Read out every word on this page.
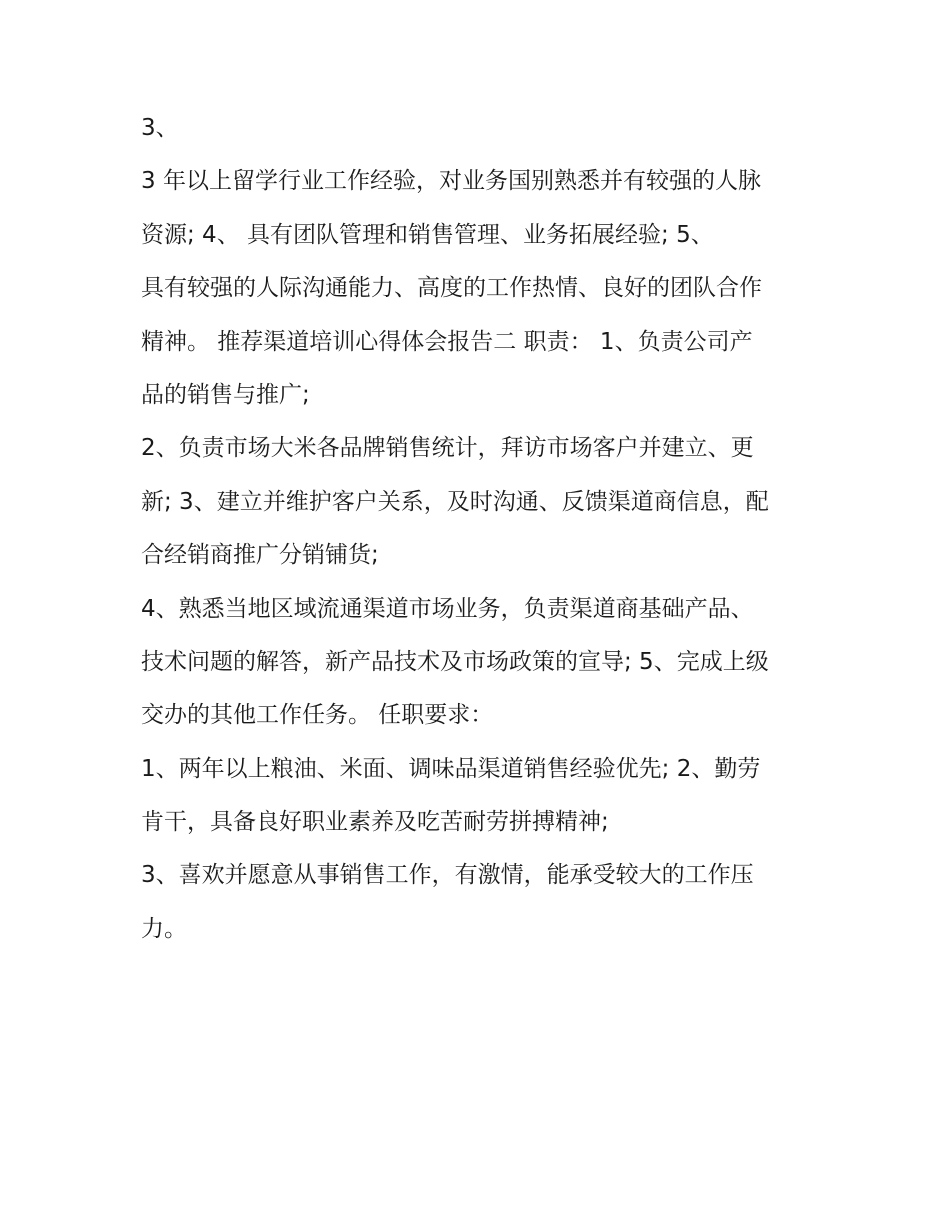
3、
3 年以上留学行业工作经验，对业务国别熟悉并有较强的人脉
资源; 4、 具有团队管理和销售管理、业务拓展经验; 5、
具有较强的人际沟通能力、高度的工作热情、良好的团队合作
精神。 推荐渠道培训心得体会报告二 职责： 1、负责公司产
品的销售与推广;
2、负责市场大米各品牌销售统计，拜访市场客户并建立、更
新; 3、建立并维护客户关系，及时沟通、反馈渠道商信息，配
合经销商推广分销铺货;
4、熟悉当地区域流通渠道市场业务，负责渠道商基础产品、
技术问题的解答，新产品技术及市场政策的宣导; 5、完成上级
交办的其他工作任务。 任职要求：
1、两年以上粮油、米面、调味品渠道销售经验优先; 2、勤劳
肯干，具备良好职业素养及吃苦耐劳拼搏精神;
3、喜欢并愿意从事销售工作，有激情，能承受较大的工作压
力。
